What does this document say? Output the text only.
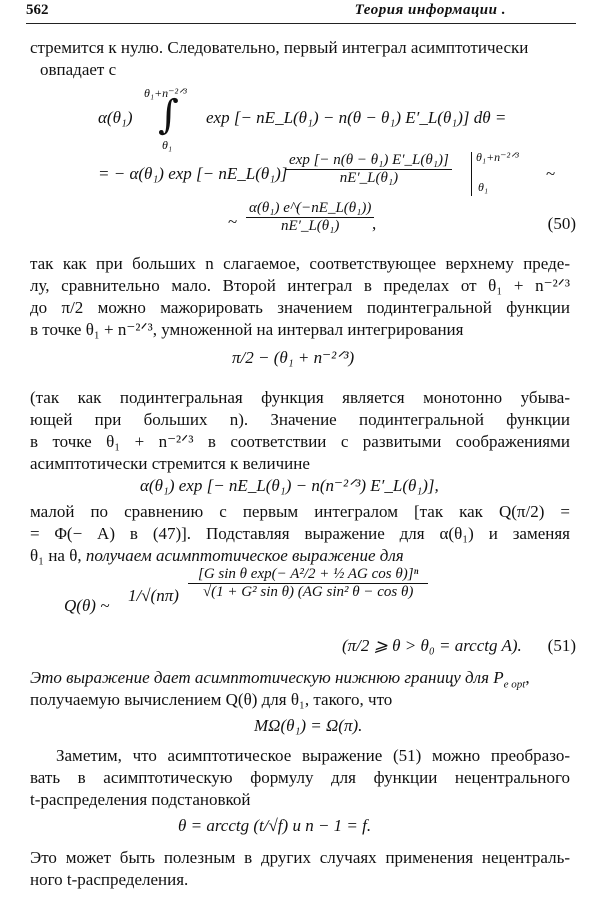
562	Теория информации .
стремится к нулю. Следовательно, первый интеграл асимптотически
овпадает с
α(θ₁) ∫
θ₁+n⁻²ᐟ³
θ₁
exp [− nE_L(θ₁) − n(θ − θ₁) E′_L(θ₁)] dθ =
= − α(θ₁) exp [− nE_L(θ₁)]
$\frac{\text{exp [− n(θ − θ₁) E′\_L(θ₁)]}}{\text{nE′\_L(θ₁)}}$ θ₁+n⁻²ᐟ³
θ₁
~
~ $\frac{\text{α(θ₁) e\textasciicircum{}(−nE\_L(θ₁))}}{\text{nE′\_L(θ₁)}}$
,	(50)
так как при больших n слагаемое, соответствующее верхнему преде-
лу, сравнительно мало. Второй интеграл в пределах от θ₁ + n⁻²ᐟ³
до π/2 можно мажорировать значением подинтегральной функции
в точке θ₁ + n⁻²ᐟ³, умноженной на интервал интегрирования
π/2 − (θ₁ + n⁻²ᐟ³)
(так как подинтегральная функция является монотонно убыва-
ющей при больших n). Значение подинтегральной функции
в точке θ₁ + n⁻²ᐟ³ в соответствии с развитыми соображениями
асимптотически стремится к величине
α(θ₁) exp [− nE_L(θ₁) − n(n⁻²ᐟ³) E′_L(θ₁)],
малой по сравнению с первым интегралом [так как Q(π/2) =
= Φ(− A) в (47)]. Подставляя выражение для α(θ₁) и заменяя
θ₁ на θ, получаем асимптотическое выражение для
Q(θ) ~
$1/√(n\pi) \frac{\text{[G sin θ exp(− A²/2 + ½ AG cos θ)]ⁿ}}{\text{√(1 + G² sin θ) (AG sin² θ − cos θ)}}$
(π/2 ⩾ θ > θ₀ = arcctg A). (51)
Это выражение дает асимптотическую нижнюю границу для $P_{e opt}$,
получаемую вычислением Q(θ) для θ₁, такого, что
MΩ(θ₁) = Ω(π).
Заметим, что асимптотическое выражение (51) можно преобразо-
вать в асимптотическую формулу для функции нецентрального
t-распределения подстановкой
θ = arcctg (t/√f) и n − 1 = f.
Это может быть полезным в других случаях применения нецентраль-
ного t-распределения.
